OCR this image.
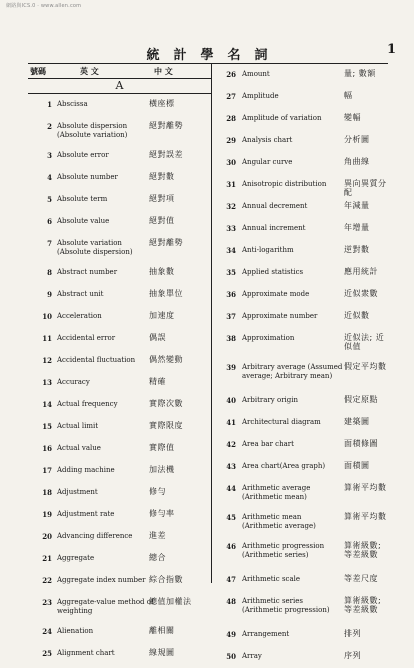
網路與ICS.0 · www.allen.com
統計學名詞	1
號碼	英 文	中 文
A
1 Abscissa	橫座標
2 Absolute dispersion (Absolute variation)
絕對離勢
3 Absolute error	絕對誤差
4 Absolute number	絕對數
5 Absolute term	絕對項
6 Absolute value	絕對值
7 Absolute variation (Absolute dispersion)
絕對離勢
8 Abstract number	抽象數
9 Abstract unit	抽象單位
10 Acceleration	加速度
11 Accidental error	偶誤
12 Accidental fluctuation	偶然變動
13 Accuracy	精確
14 Actual frequency	實際次數
15 Actual limit	實際限度
16 Actual value	實際值
17 Adding machine	加法機
18 Adjustment	修勻
19 Adjustment rate	修勻率
20 Advancing difference	進差
21 Aggregate	總合
22 Aggregate index number 綜合指數
23 Aggregate-value method of weighting
總值加權法
24 Alienation	離相關
25 Alignment chart	線規圖
26 Amount	量; 數額
27 Amplitude	幅
28 Amplitude of variation	變幅
29 Analysis chart	分析圖
30 Angular curve	角曲線
31 Anisotropic distribution	異向異質分配
32 Annual decrement	年減量
33 Annual increment	年增量
34 Anti-logarithm	逆對數
35 Applied statistics	應用統計
36 Approximate mode	近似衆數
37 Approximate number	近似數
38 Approximation	近似法; 近似值
39 Arbitrary average (Assumed average; Arbitrary mean)
假定平均數
40 Arbitrary origin	假定原點
41 Architectural diagram	建築圖
42 Area bar chart	面積條圖
43 Area chart(Area graph)	面積圖
44 Arithmetic average (Arithmetic mean)
算術平均數
45 Arithmetic mean (Arithmetic average)
算術平均數
46 Arithmetic progression (Arithmetic series)
算術級數; 等差級數
47 Arithmetic scale	等差尺度
48 Arithmetic series (Arithmetic progression)
算術級數; 等差級數
49 Arrangement	排列
50 Array	序列
